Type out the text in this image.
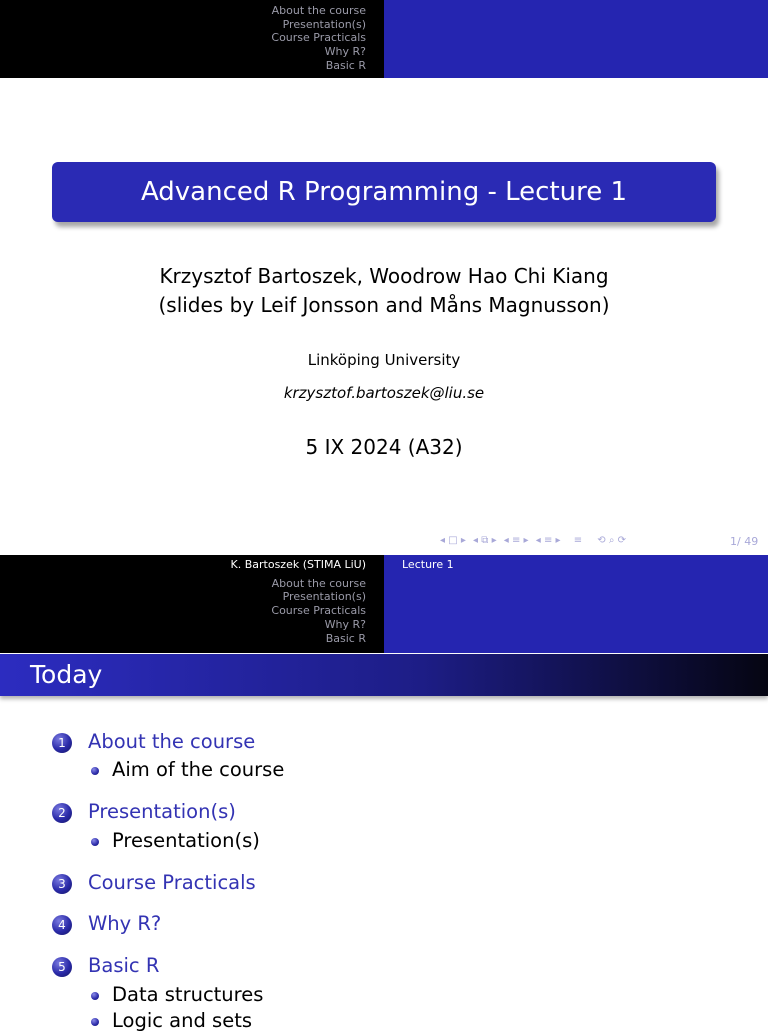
About the course
Presentation(s)
Course Practicals
Why R?
Basic R
Advanced R Programming - Lecture 1
Krzysztof Bartoszek, Woodrow Hao Chi Kiang
(slides by Leif Jonsson and Måns Magnusson)
Linköping University
krzysztof.bartoszek@liu.se
5 IX 2024 (A32)
◂ □ ▸ ◂ ⧉ ▸ ◂ ≡ ▸ ◂ ≡ ▸ ≡ ⟲ ⌕ ⟳	1/ 49
K. Bartoszek (STIMA LiU)
About the course
Presentation(s)
Course Practicals
Why R?
Basic R
Lecture 1
Today
1	About the course
Aim of the course
2	Presentation(s)
Presentation(s)
3	Course Practicals
4	Why R?
5	Basic R
Data structures
Logic and sets
